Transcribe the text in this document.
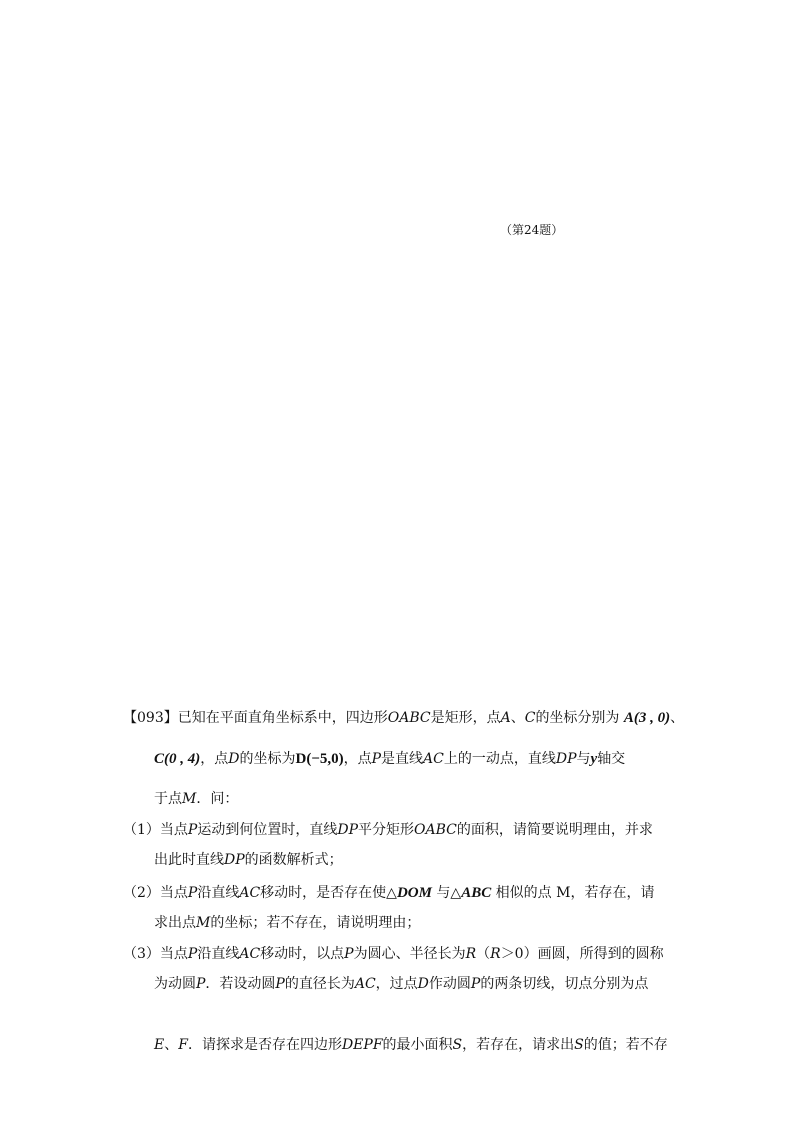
（第24题）
【093】已知在平面直角坐标系中，四边形OABC是矩形，点A、C的坐标分别为 A(3 , 0)、
C(0 , 4)，点D的坐标为D(−5,0)，点P是直线AC上的一动点，直线DP与y轴交
于点M．问：
（1）当点P运动到何位置时，直线DP平分矩形OABC的面积，请简要说明理由，并求
出此时直线DP的函数解析式；
（2）当点P沿直线AC移动时，是否存在使△DOM 与△ABC 相似的点 M，若存在，请
求出点M的坐标；若不存在，请说明理由；
（3）当点P沿直线AC移动时，以点P为圆心、半径长为R（R＞0）画圆，所得到的圆称
为动圆P．若设动圆P的直径长为AC，过点D作动圆P的两条切线，切点分别为点
E、F．请探求是否存在四边形DEPF的最小面积S，若存在，请求出S的值；若不存
